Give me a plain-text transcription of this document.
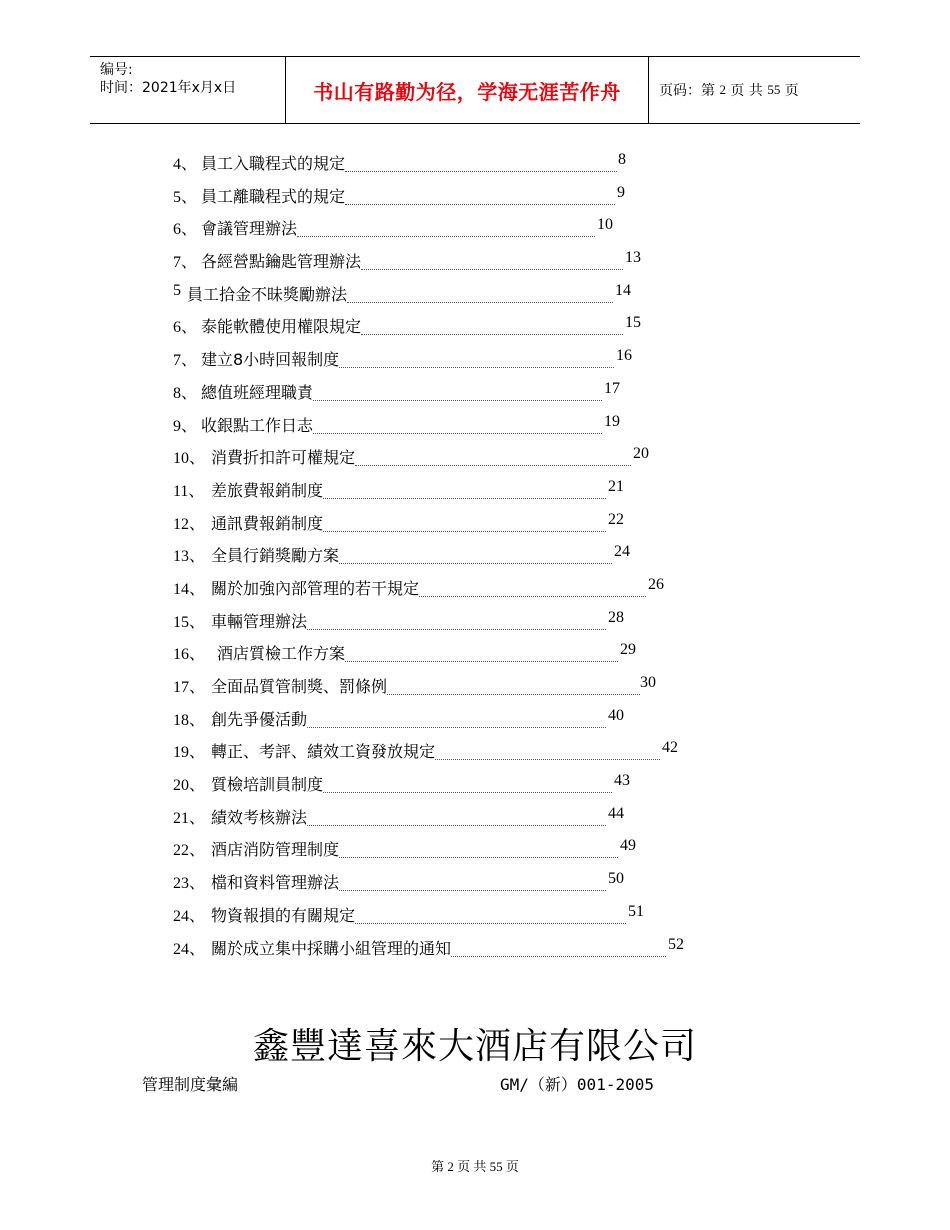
编号:
时间：2021年x月x日	书山有路勤为径，学海无涯苦作舟	页码：第
2
页 共
55
页
4、 員工入職程式的規定	8
5、 員工離職程式的規定	9
6、 會議管理辦法	10
7、 各經營點鑰匙管理辦法	13
5 員工拾金不昧獎勵辦法	14
6、 泰能軟體使用權限規定	15
7、 建立8小時回報制度	16
8、 總值班經理職責	17
9、 收銀點工作日志	19
10、 消費折扣許可權規定	20
11、 差旅費報銷制度	21
12、 通訊費報銷制度	22
13、 全員行銷獎勵方案	24
14、 關於加強內部管理的若干規定	26
15、 車輛管理辦法	28
16、 酒店質檢工作方案	29
17、 全面品質管制獎、罰條例	30
18、 創先爭優活動	40
19、 轉正、考評、績效工資發放規定	42
20、 質檢培訓員制度	43
21、 績效考核辦法	44
22、 酒店消防管理制度	49
23、 檔和資料管理辦法	50
24、 物資報損的有關規定	51
24、 關於成立集中採購小組管理的通知	52
鑫豐達喜來大酒店有限公司
管理制度彙編	GM/（新）001-2005
第 2 页 共 55 页
